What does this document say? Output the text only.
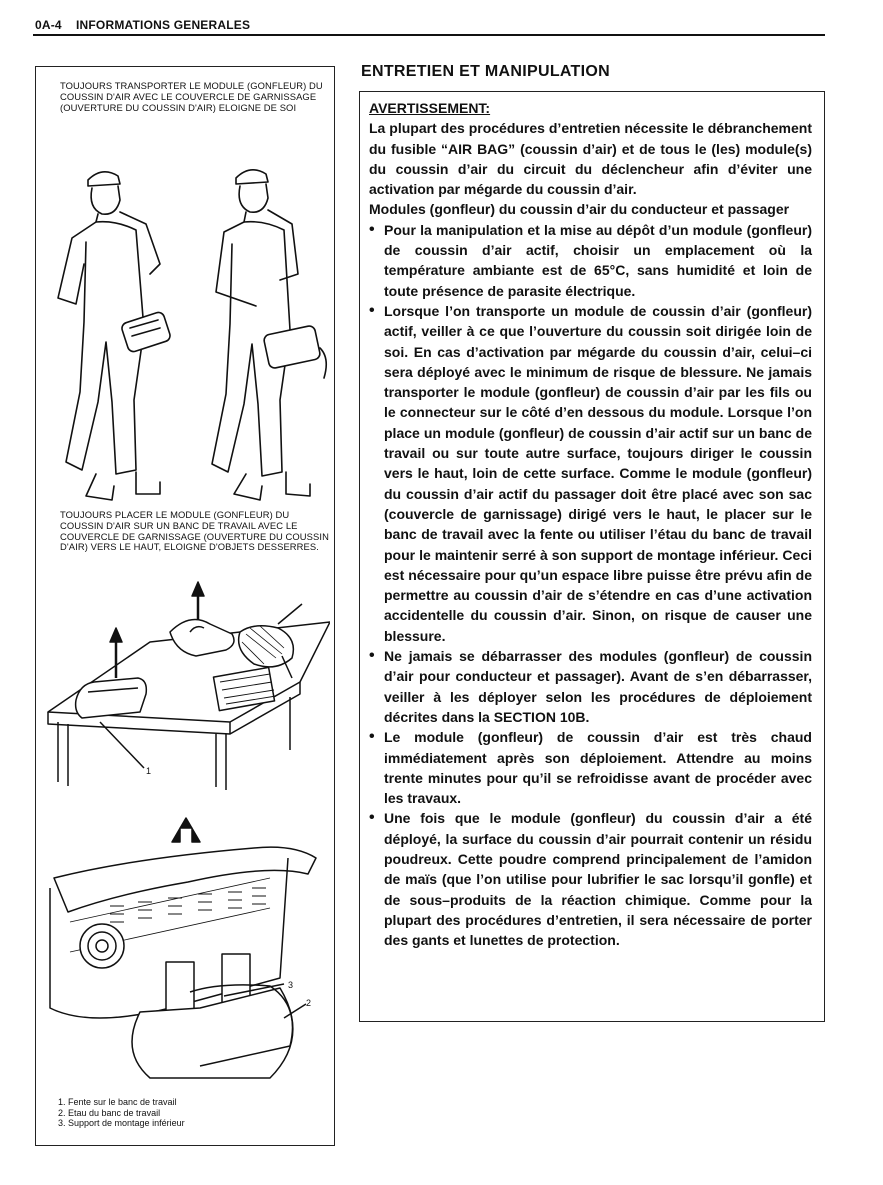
0A-4 INFORMATIONS GENERALES
TOUJOURS TRANSPORTER LE MODULE (GONFLEUR) DU COUSSIN D'AIR AVEC LE COUVERCLE DE GARNISSAGE (OUVERTURE DU COUSSIN D'AIR) ELOIGNE DE SOI
TOUJOURS PLACER LE MODULE (GONFLEUR) DU COUSSIN D'AIR SUR UN BANC DE TRAVAIL AVEC LE COUVERCLE DE GARNISSAGE (OUVERTURE DU COUSSIN D'AIR) VERS LE HAUT, ELOIGNE D'OBJETS DESSERRES.
1
3
2
1. Fente sur le banc de travail
2. Etau du banc de travail
3. Support de montage inférieur
ENTRETIEN ET MANIPULATION
AVERTISSEMENT:
La plupart des procédures d’entretien nécessite le débranchement du fusible “AIR BAG” (coussin d’air) et de tous le (les) module(s) du coussin d’air du circuit du déclencheur afin d’éviter une activation par mégarde du coussin d’air.
Modules (gonfleur) du coussin d’air du conducteur et passager
• Pour la manipulation et la mise au dépôt d’un module (gonfleur) de coussin d’air actif, choisir un emplacement où la température ambiante est de 65°C, sans humidité et loin de toute présence de parasite électrique.
• Lorsque l’on transporte un module de coussin d’air (gonfleur) actif, veiller à ce que l’ouverture du coussin soit dirigée loin de soi. En cas d’activation par mégarde du coussin d’air, celui–ci sera déployé avec le minimum de risque de blessure. Ne jamais transporter le module (gonfleur) de coussin d’air par les fils ou le connecteur sur le côté d’en dessous du module. Lorsque l’on place un module (gonfleur) de coussin d’air actif sur un banc de travail ou sur toute autre surface, toujours diriger le coussin vers le haut, loin de cette surface. Comme le module (gonfleur) du coussin d’air actif du passager doit être placé avec son sac (couvercle de garnissage) dirigé vers le haut, le placer sur le banc de travail avec la fente ou utiliser l’étau du banc de travail pour le maintenir serré à son support de montage inférieur. Ceci est nécessaire pour qu’un espace libre puisse être prévu afin de permettre au coussin d’air de s’étendre en cas d’une activation accidentelle du coussin d’air. Sinon, on risque de causer une blessure.
• Ne jamais se débarrasser des modules (gonfleur) de coussin d’air pour conducteur et passager). Avant de s’en débarrasser, veiller à les déployer selon les procédures de déploiement décrites dans la SECTION 10B.
• Le module (gonfleur) de coussin d’air est très chaud immédiatement après son déploiement. Attendre au moins trente minutes pour qu’il se refroidisse avant de procéder avec les travaux.
• Une fois que le module (gonfleur) du coussin d’air a été déployé, la surface du coussin d’air pourrait contenir un résidu poudreux. Cette poudre comprend principalement de l’amidon de maïs (que l’on utilise pour lubrifier le sac lorsqu’il gonfle) et de sous–produits de la réaction chimique. Comme pour la plupart des procédures d’entretien, il sera nécessaire de porter des gants et lunettes de protection.
